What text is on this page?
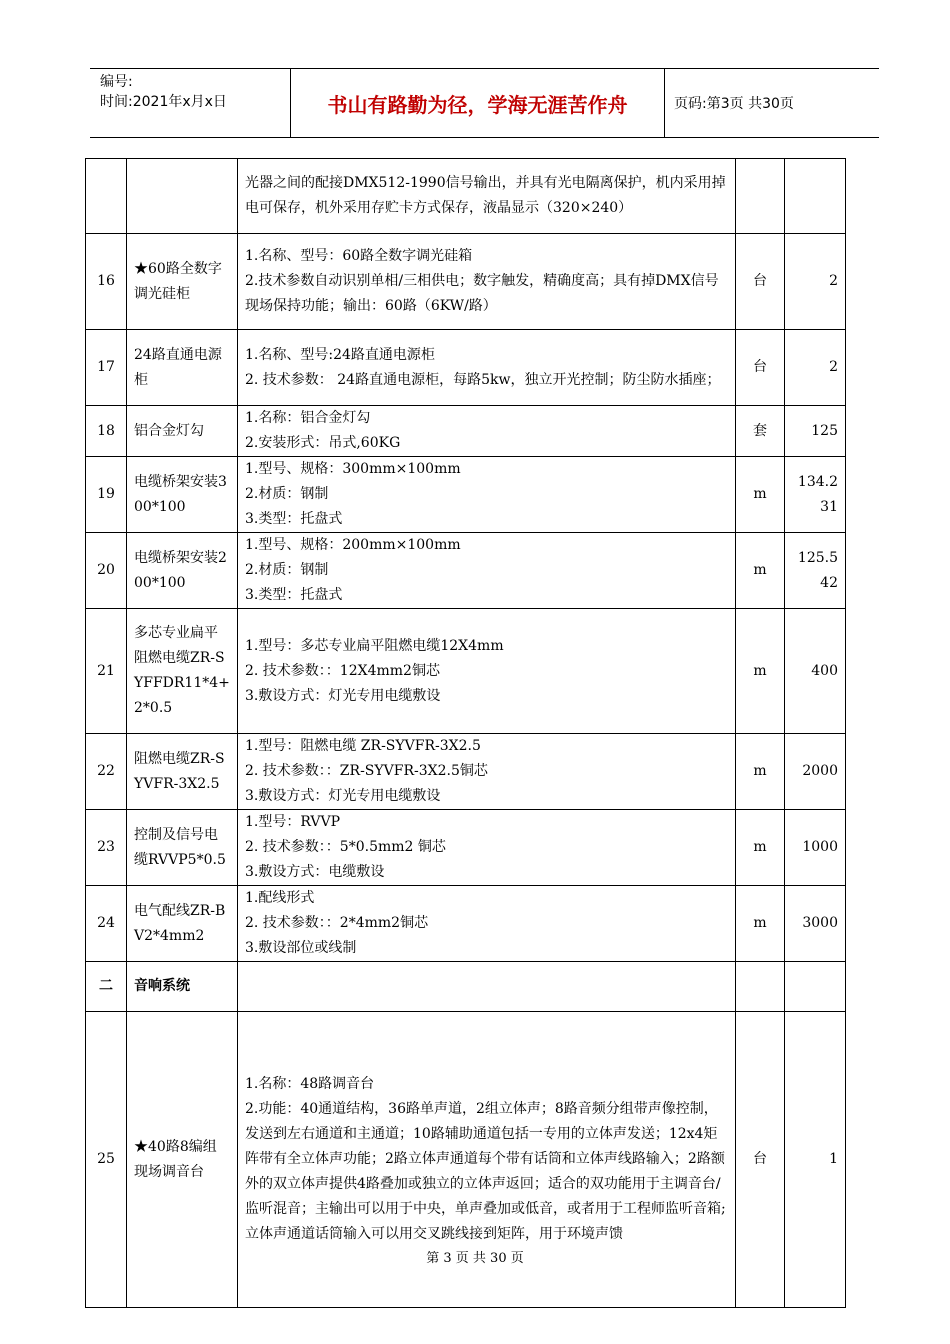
编号:
时间:2021年x月x日	书山有路勤为径，学海无涯苦作舟	页码:第3页 共30页

		光器之间的配接DMX512-1990信号输出，并具有光电隔离保护，机内采用掉电可保存，机外采用存贮卡方式保存，液晶显示（320×240）		

16	★60路全数字调光硅柜	1.名称、型号：60路全数字调光硅箱
2.技术参数自动识别单相/三相供电；数字触发，精确度高；具有掉DMX信号现场保持功能；输出：60路（6KW/路）	台	2
17	24路直通电源柜	1.名称、型号:24路直通电源柜
2. 技术参数： 24路直通电源柜，每路5kw，独立开光控制；防尘防水插座；	台	2
18	铝合金灯勾	1.名称：铝合金灯勾
2.安装形式：吊式,60KG	套	125
19	电缆桥架安装300*100	1.型号、规格：300mm×100mm
2.材质：钢制
3.类型：托盘式	m	134.231
20	电缆桥架安装200*100	1.型号、规格：200mm×100mm
2.材质：钢制
3.类型：托盘式	m	125.542
21	多芯专业扁平阻燃电缆ZR-SYFFDR11*4+2*0.5	1.型号：多芯专业扁平阻燃电缆12X4mm
2. 技术参数：：12X4mm2铜芯
3.敷设方式：灯光专用电缆敷设	m	400
22	阻燃电缆ZR-SYVFR-3X2.5	1.型号：阻燃电缆 ZR-SYVFR-3X2.5
2. 技术参数：：ZR-SYVFR-3X2.5铜芯
3.敷设方式：灯光专用电缆敷设	m	2000
23	控制及信号电缆RVVP5*0.5	1.型号：RVVP
2. 技术参数：：5*0.5mm2 铜芯
3.敷设方式：电缆敷设	m	1000
24	电气配线ZR-BV2*4mm2	1.配线形式
2. 技术参数：：2*4mm2铜芯
3.敷设部位或线制	m	3000
二	音响系统			
25	★40路8编组现场调音台	1.名称：48路调音台
2.功能：40通道结构，36路单声道，2组立体声；8路音频分组带声像控制，发送到左右通道和主通道；10路辅助通道包括一专用的立体声发送；12x4矩阵带有全立体声功能；2路立体声通道每个带有话筒和立体声线路输入；2路额外的双立体声提供4路叠加或独立的立体声返回；适合的双功能用于主调音台/监听混音；主输出可以用于中央，单声叠加或低音，或者用于工程师监听音箱;立体声通道话筒输入可以用交叉跳线接到矩阵，用于环境声馈	台	1
第 3 页 共 30 页
